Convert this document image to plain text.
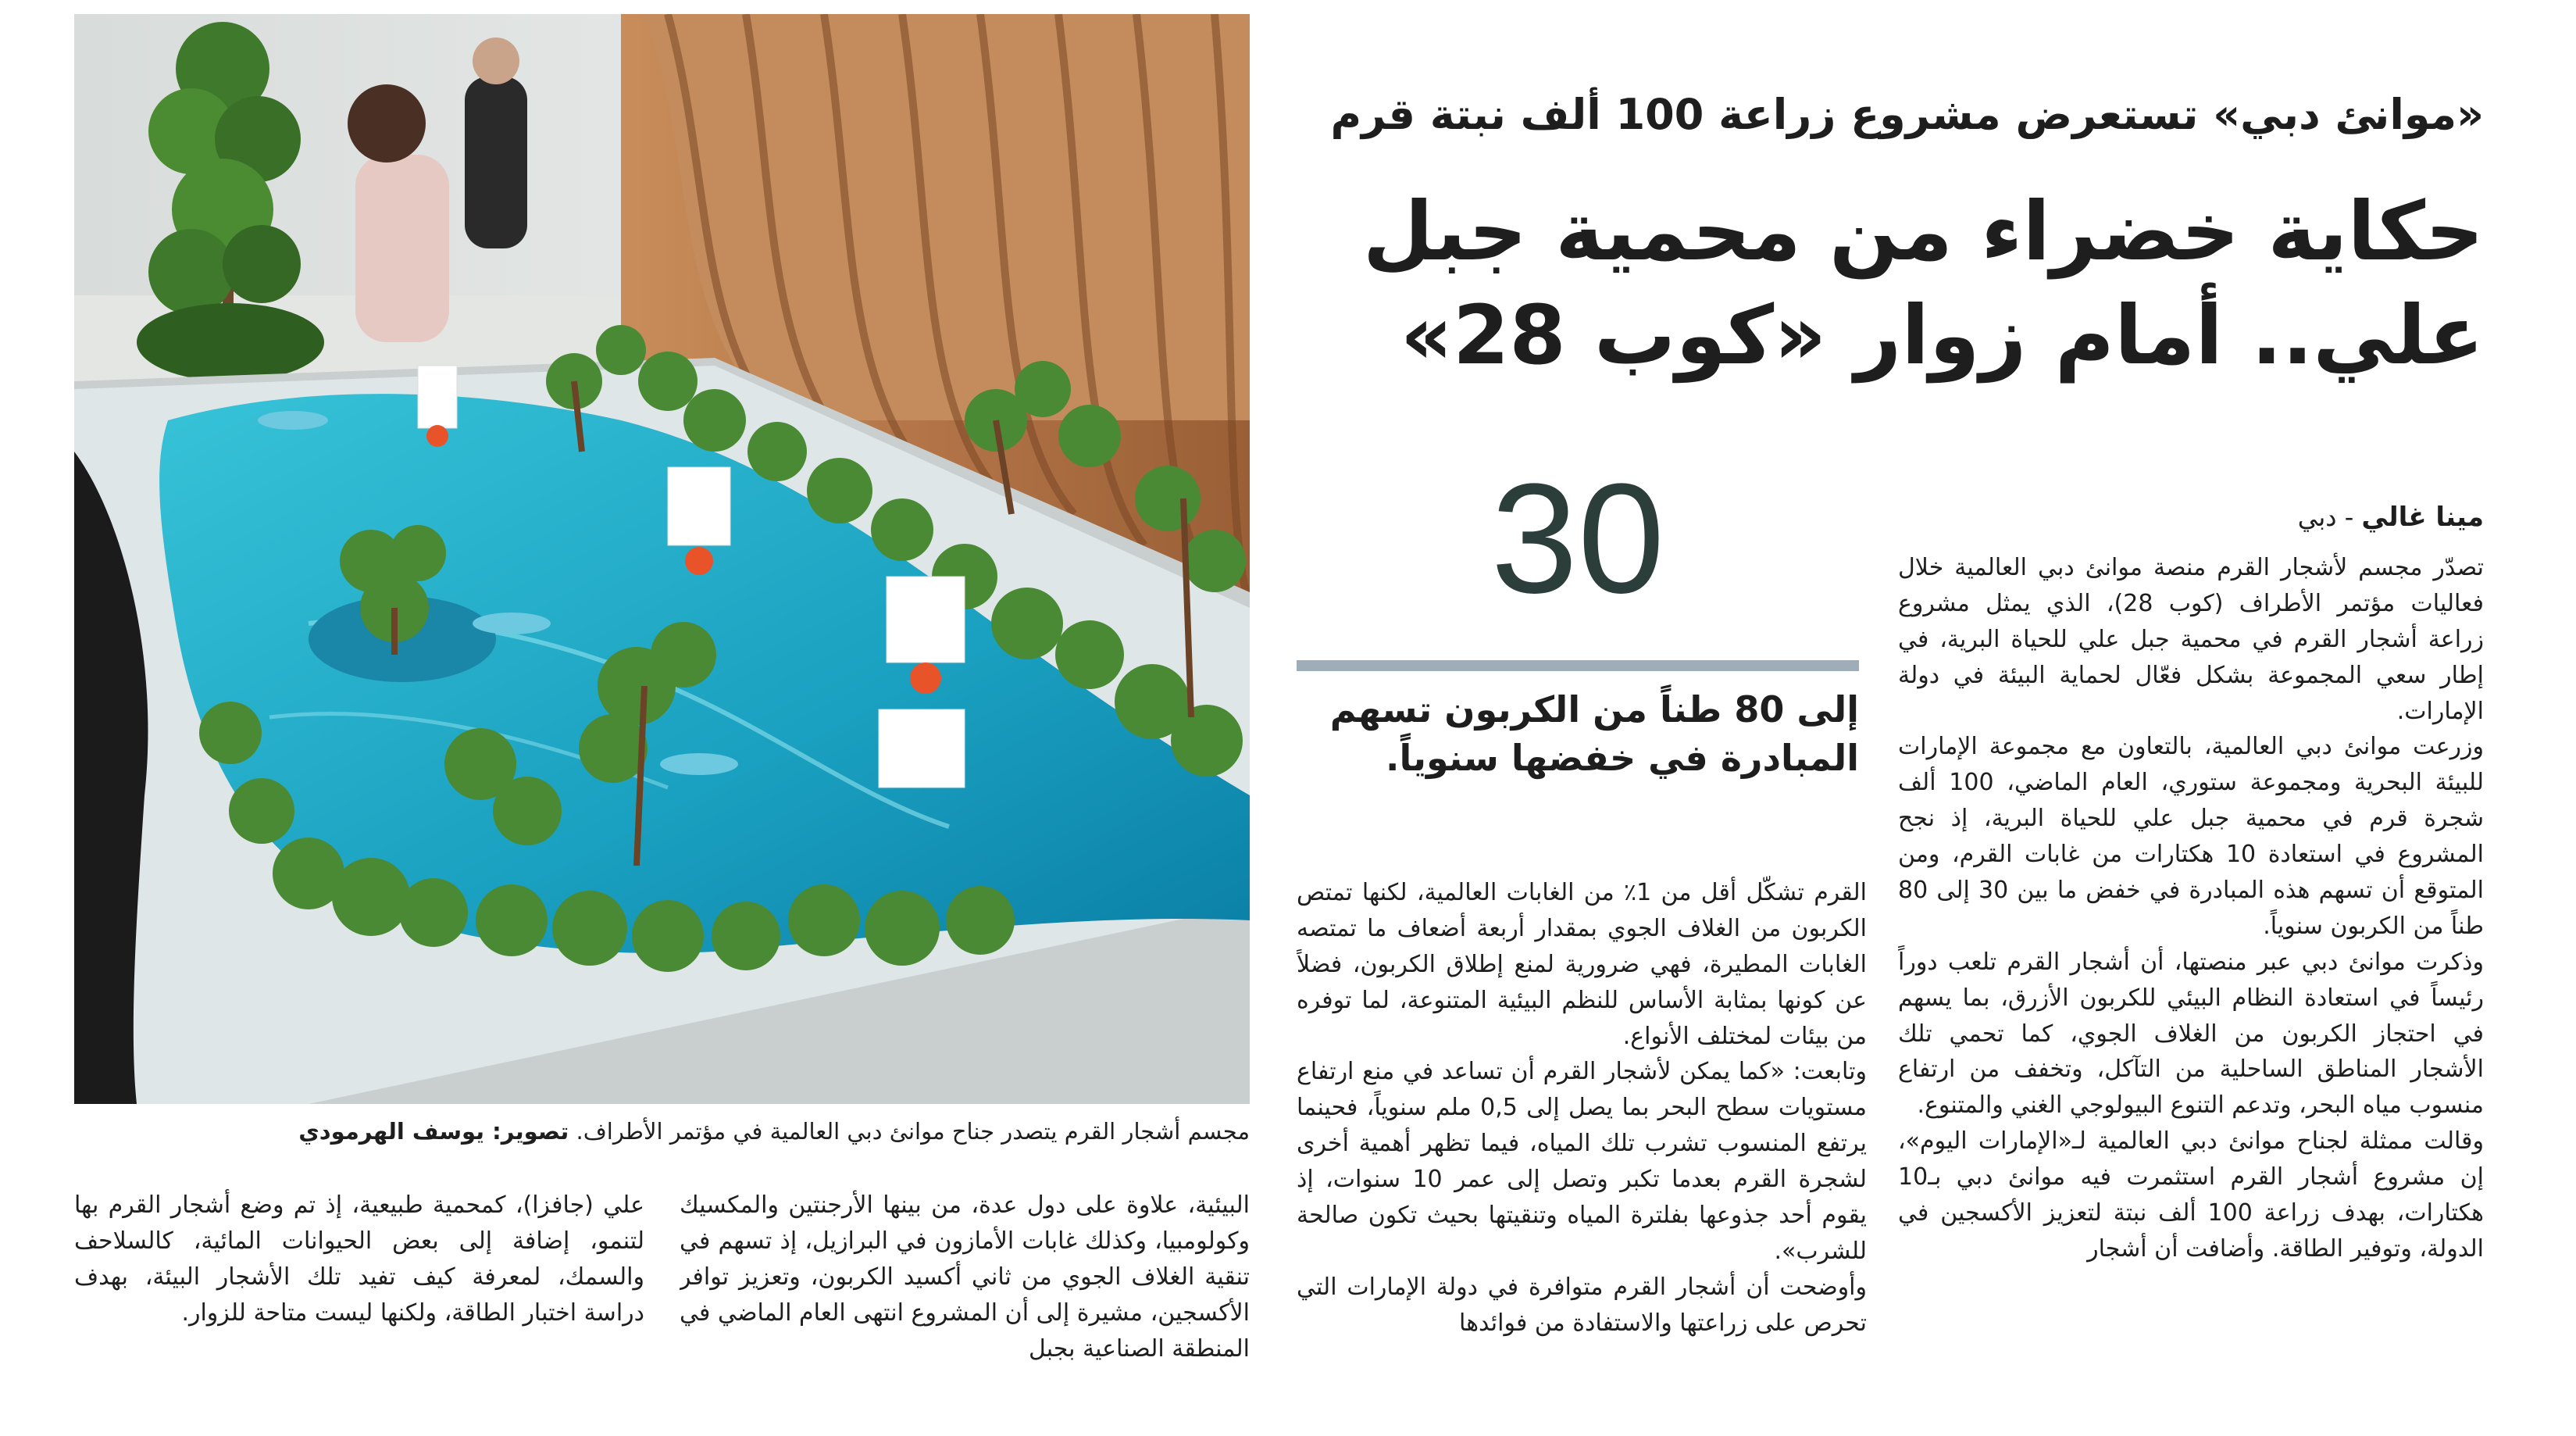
مجسم أشجار القرم يتصدر جناح موانئ دبي العالمية في مؤتمر الأطراف. تصوير: يوسف الهرمودي
«موانئ دبي» تستعرض مشروع زراعة 100 ألف نبتة قرم
حكاية خضراء من محمية جبل
علي.. أمام زوار «كوب 28»
30
إلى 80 طناً من الكربون تسهم
المبادرة في خفضها سنوياً.
مينا غالي - دبي

تصدّر مجسم لأشجار القرم منصة موانئ دبي العالمية خلال فعاليات مؤتمر الأطراف (كوب 28)، الذي يمثل مشروع زراعة أشجار القرم في محمية جبل علي للحياة البرية، في إطار سعي المجموعة بشكل فعّال لحماية البيئة في دولة الإمارات.

وزرعت موانئ دبي العالمية، بالتعاون مع مجموعة الإمارات للبيئة البحرية ومجموعة ستوري، العام الماضي، 100 ألف شجرة قرم في محمية جبل علي للحياة البرية، إذ نجح المشروع في استعادة 10 هكتارات من غابات القرم، ومن المتوقع أن تسهم هذه المبادرة في خفض ما بين 30 إلى 80 طناً من الكربون سنوياً.

وذكرت موانئ دبي عبر منصتها، أن أشجار القرم تلعب دوراً رئيساً في استعادة النظام البيئي للكربون الأزرق، بما يسهم في احتجاز الكربون من الغلاف الجوي، كما تحمي تلك الأشجار المناطق الساحلية من التآكل، وتخفف من ارتفاع منسوب مياه البحر، وتدعم التنوع البيولوجي الغني والمتنوع.

وقالت ممثلة لجناح موانئ دبي العالمية لـ«الإمارات اليوم»، إن مشروع أشجار القرم استثمرت فيه موانئ دبي بـ10 هكتارات، بهدف زراعة 100 ألف نبتة لتعزيز الأكسجين في الدولة، وتوفير الطاقة. وأضافت أن أشجار

القرم تشكّل أقل من 1٪ من الغابات العالمية، لكنها تمتص الكربون من الغلاف الجوي بمقدار أربعة أضعاف ما تمتصه الغابات المطيرة، فهي ضرورية لمنع إطلاق الكربون، فضلاً عن كونها بمثابة الأساس للنظم البيئية المتنوعة، لما توفره من بيئات لمختلف الأنواع.

وتابعت: «كما يمكن لأشجار القرم أن تساعد في منع ارتفاع مستويات سطح البحر بما يصل إلى 0,5 ملم سنوياً، فحينما يرتفع المنسوب تشرب تلك المياه، فيما تظهر أهمية أخرى لشجرة القرم بعدما تكبر وتصل إلى عمر 10 سنوات، إذ يقوم أحد جذوعها بفلترة المياه وتنقيتها بحيث تكون صالحة للشرب».

وأوضحت أن أشجار القرم متوافرة في دولة الإمارات التي تحرص على زراعتها والاستفادة من فوائدها

البيئية، علاوة على دول عدة، من بينها الأرجنتين والمكسيك وكولومبيا، وكذلك غابات الأمازون في البرازيل، إذ تسهم في تنقية الغلاف الجوي من ثاني أكسيد الكربون، وتعزيز توافر الأكسجين، مشيرة إلى أن المشروع انتهى العام الماضي في المنطقة الصناعية بجبل

علي (جافزا)، كمحمية طبيعية، إذ تم وضع أشجار القرم بها لتنمو، إضافة إلى بعض الحيوانات المائية، كالسلاحف والسمك، لمعرفة كيف تفيد تلك الأشجار البيئة، بهدف دراسة اختبار الطاقة، ولكنها ليست متاحة للزوار.
